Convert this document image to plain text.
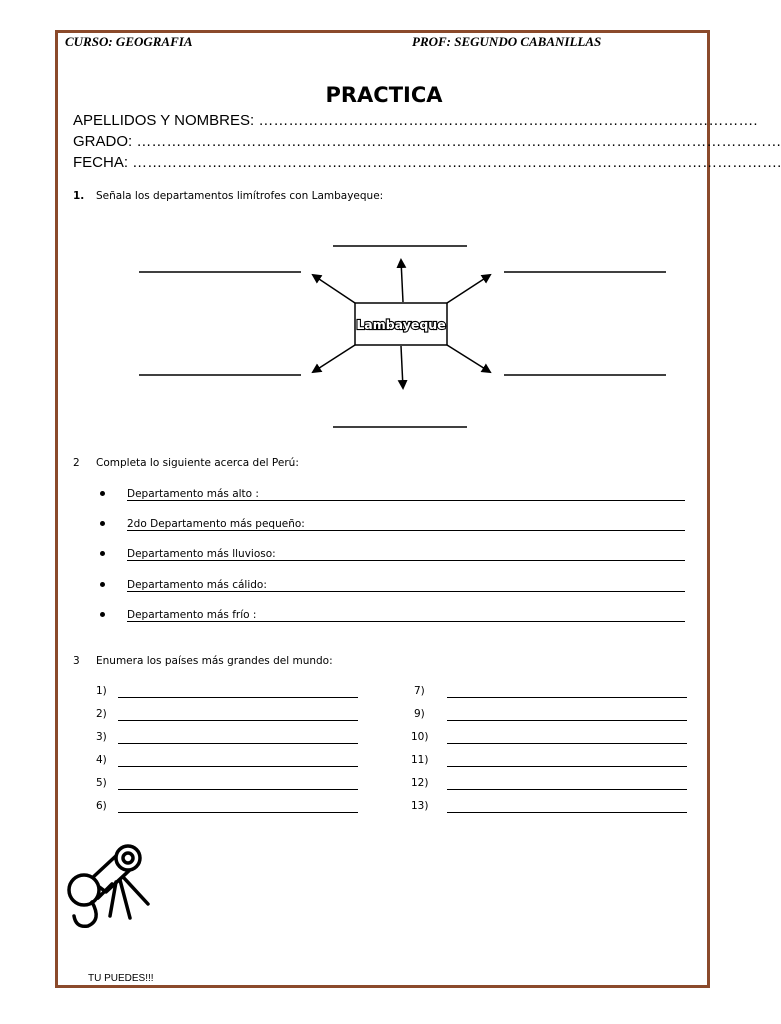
CURSO: GEOGRAFIA	PROF: SEGUNDO CABANILLAS
PRACTICA
APELLIDOS Y NOMBRES: ……………………………………………………………………………………….
GRADO: …………………………………………………………………………………………………………………
FECHA: ………………………………………………………………………………………………………………….
1. Señala los departamentos limítrofes con Lambayeque:
Lambayeque
2 Completa lo siguiente acerca del Perú:
Departamento más alto :
2do Departamento más pequeño:
Departamento más lluvioso:
Departamento más cálido:
Departamento más frío :
3 Enumera los países más grandes del mundo:
1)
2)
3)
4)
5)
6)
7)
9)
10)
11)
12)
13)
TU PUEDES!!!
